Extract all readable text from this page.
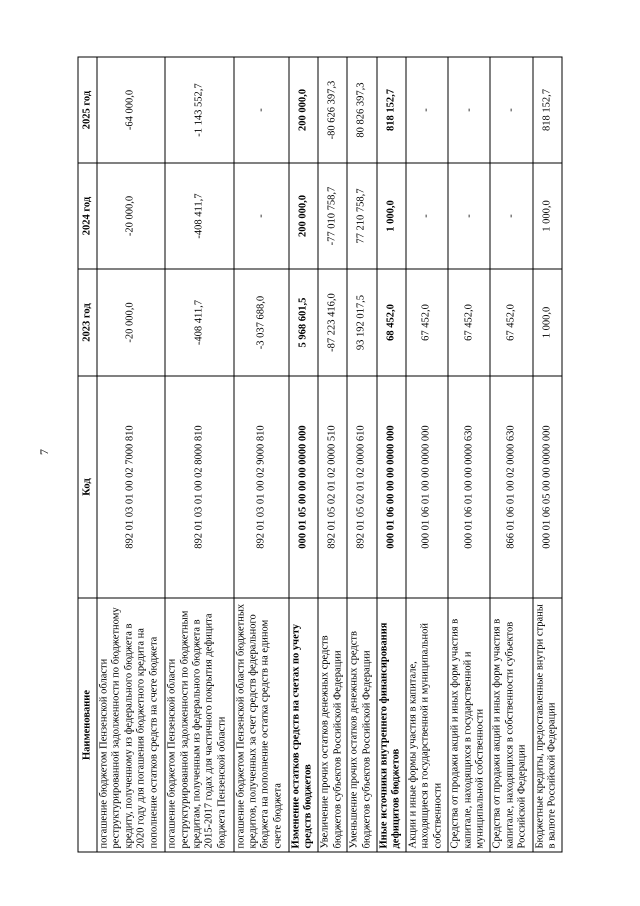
7
Наименование	Код	2023 год	2024 год	2025 год
погашение бюджетом Пензенской области реструктурированной задолженности по бюджетному кредиту, полученному из федерального бюджета в 2020 году для погашения бюджетного кредита на пополнение остатков средств на счете бюджета	892 01 03 01 00 02 7000 810	-20 000,0	-20 000,0	-64 000,0
погашение бюджетом Пензенской области реструктурированной задолженности по бюджетным кредитам, полученным из федерального бюджета в 2015-2017 годах для частичного покрытия дефицита бюджета Пензенской области	892 01 03 01 00 02 8000 810	-408 411,7	-408 411,7	-1 143 552,7
погашение бюджетом Пензенской области бюджетных кредитов, полученных за счет средств федерального бюджета на пополнение остатка средств на едином счете бюджета	892 01 03 01 00 02 9000 810	-3 037 688,0	-	-
Изменение остатков средств на счетах по учету средств бюджетов	000 01 05 00 00 00 0000 000	5 968 601,5	200 000,0	200 000,0
Увеличение прочих остатков денежных средств бюджетов субъектов Российской Федерации	892 01 05 02 01 02 0000 510	-87 223 416,0	-77 010 758,7	-80 626 397,3
Уменьшение прочих остатков денежных средств бюджетов субъектов Российской Федерации	892 01 05 02 01 02 0000 610	93 192 017,5	77 210 758,7	80 826 397,3
Иные источники внутреннего финансирования дефицитов бюджетов	000 01 06 00 00 00 0000 000	68 452,0	1 000,0	818 152,7
Акции и иные формы участия в капитале, находящиеся в государственной и муниципальной собственности	000 01 06 01 00 00 0000 000	67 452,0	-	-
Средства от продажи акций и иных форм участия в капитале, находящихся в государственной и муниципальной собственности	000 01 06 01 00 00 0000 630	67 452,0	-	-
Средства от продажи акций и иных форм участия в капитале, находящихся в собственности субъектов Российской Федерации	866 01 06 01 00 02 0000 630	67 452,0	-	-
Бюджетные кредиты, предоставленные внутри страны в валюте Российской Федерации	000 01 06 05 00 00 0000 000	1 000,0	1 000,0	818 152,7
